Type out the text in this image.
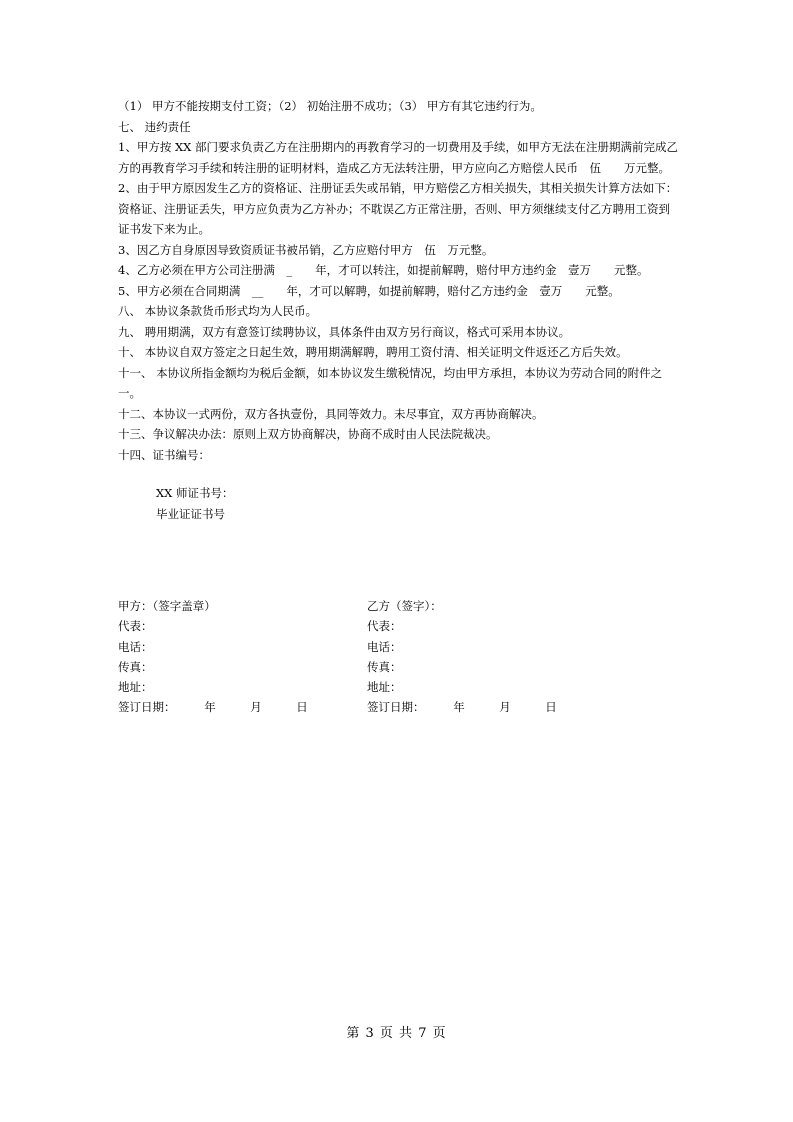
（1） 甲方不能按期支付工资；（2） 初始注册不成功；（3） 甲方有其它违约行为。

七、 违约责任

1、甲方按 XX 部门要求负责乙方在注册期内的再教育学习的一切费用及手续，如甲方无法在注册期满前完成乙方的再教育学习手续和转注册的证明材料，造成乙方无法转注册，甲方应向乙方赔偿人民币　伍　　万元整。

2、由于甲方原因发生乙方的资格证、注册证丢失或吊销，甲方赔偿乙方相关损失，其相关损失计算方法如下：资格证、注册证丢失，甲方应负责为乙方补办；不耽误乙方正常注册，否则、甲方须继续支付乙方聘用工资到证书发下来为止。

3、因乙方自身原因导致资质证书被吊销，乙方应赔付甲方　伍　万元整。

4、乙方必须在甲方公司注册满　_　　年，才可以转注，如提前解聘，赔付甲方违约金　壹万　　元整。

5、甲方必须在合同期满　__　　年，才可以解聘，如提前解聘，赔付乙方违约金　壹万　　元整。

八、 本协议条款货币形式均为人民币。

九、 聘用期满，双方有意签订续聘协议，具体条件由双方另行商议，格式可采用本协议。

十、 本协议自双方签定之日起生效，聘用期满解聘，聘用工资付清、相关证明文件返还乙方后失效。

十一、 本协议所指金额均为税后金额，如本协议发生缴税情况，均由甲方承担，本协议为劳动合同的附件之一。

十二、本协议一式两份，双方各执壹份，具同等效力。未尽事宜，双方再协商解决。

十三、争议解决办法：原则上双方协商解决，协商不成时由人民法院裁决。

十四、证书编号：

XX 师证书号：

毕业证证书号

甲方：（签字盖章）	乙方（签字）：
代表：	代表：
电话：	电话：
传真：	传真：
地址：	地址：
签订日期：　　　年　　　月　　　日	签订日期：　　　年　　　月　　　日
第 3 页 共 7 页
